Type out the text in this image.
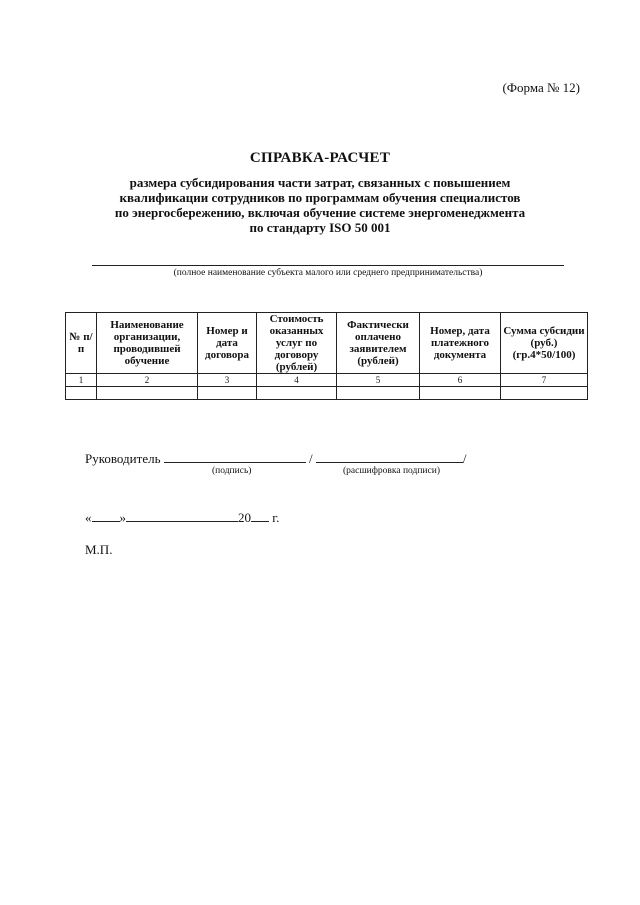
(Форма № 12)
СПРАВКА-РАСЧЕТ
размера субсидирования части затрат, связанных с повышением
квалификации сотрудников по программам обучения специалистов
по энергосбережению, включая обучение системе энергоменеджмента
по стандарту ISO 50 001
(полное наименование субъекта малого или среднего предпринимательства)
№ п/п	Наименование организации, проводившей обучение	Номер и дата договора	Стоимость оказанных услуг по договору (рублей)	Фактически оплачено заявителем (рублей)	Номер, дата платежного документа	Сумма субсидии (руб.) (гр.4*50/100)
1	2	3	4	5	6	7

Руководитель	/	/
(подпись)	(расшифровка подписи)
« »	20 г.
М.П.
